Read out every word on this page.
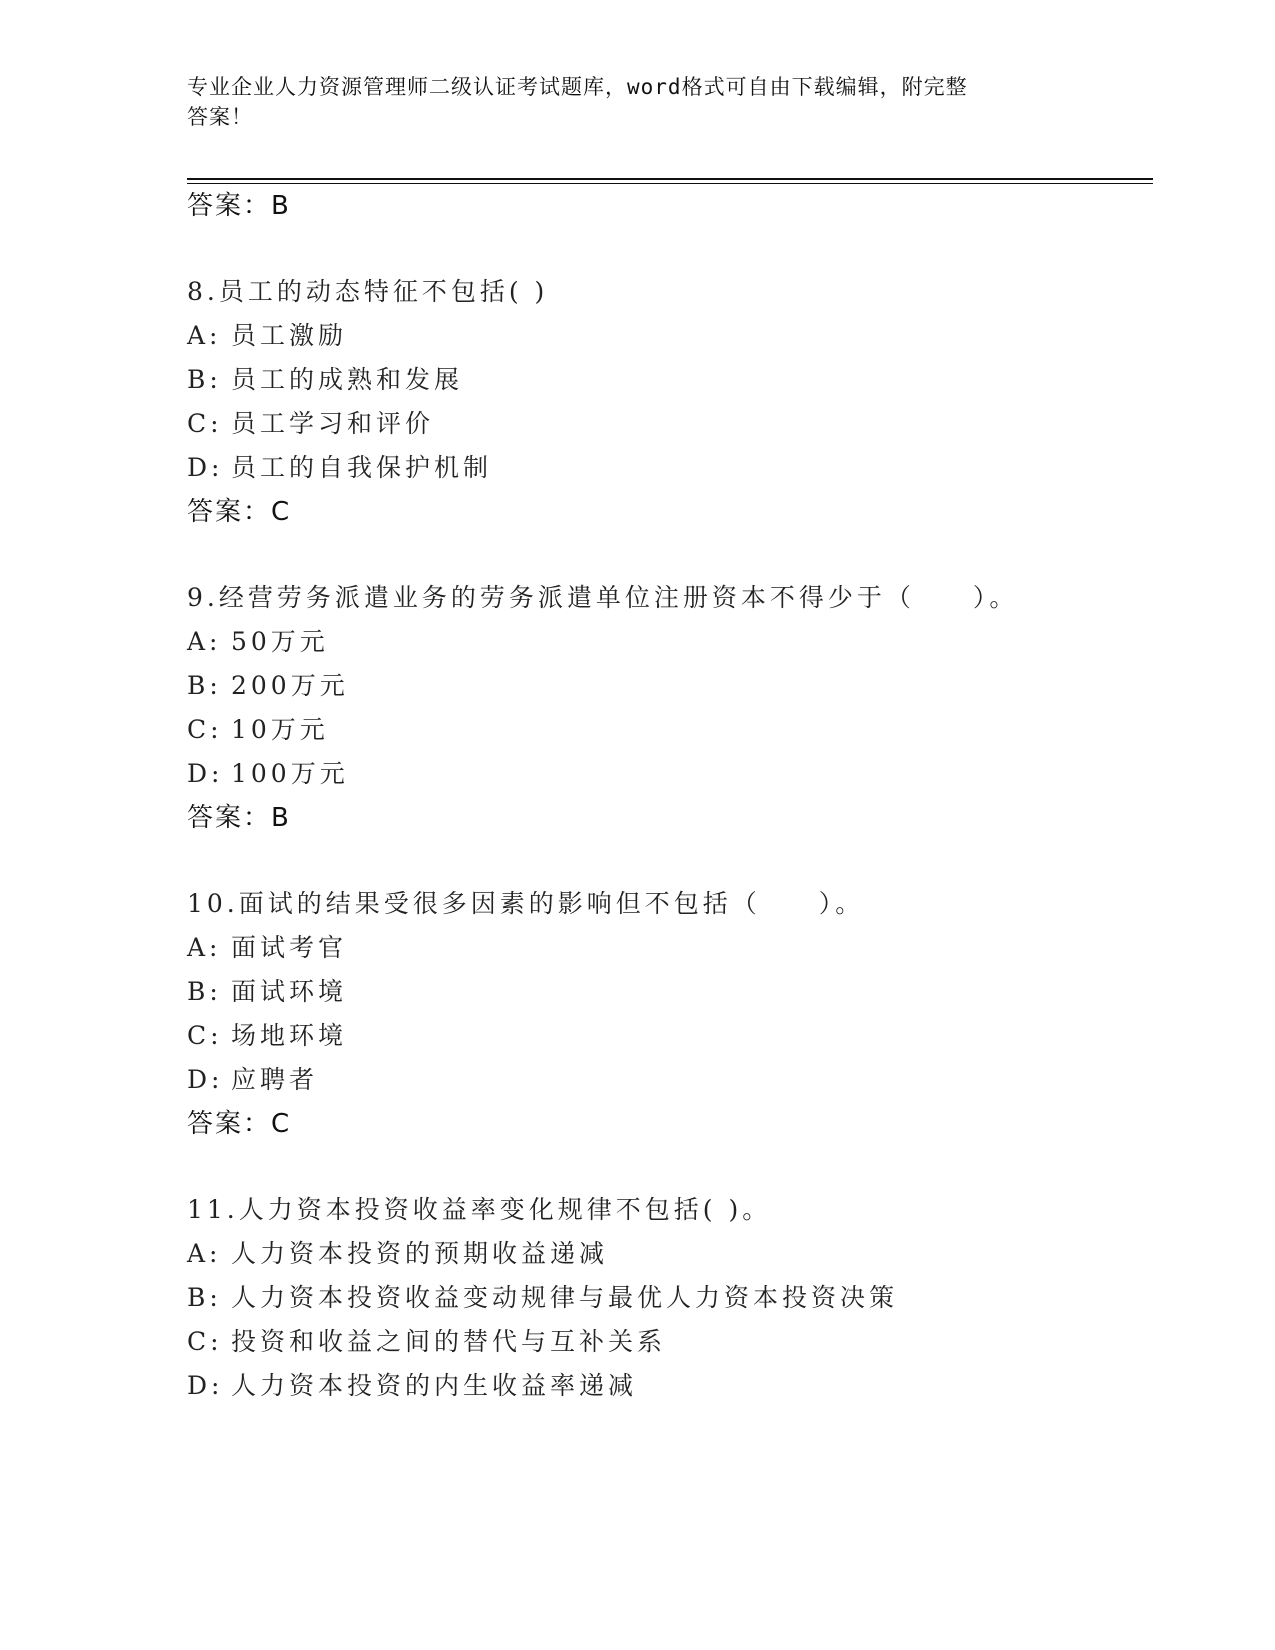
专业企业人力资源管理师二级认证考试题库，word格式可自由下载编辑，附完整
答案！
答案：B
8.员工的动态特征不包括( )
A: 员工激励
B: 员工的成熟和发展
C: 员工学习和评价
D: 员工的自我保护机制
答案：C
9.经营劳务派遣业务的劳务派遣单位注册资本不得少于（　　）。
A: 50万元
B: 200万元
C: 10万元
D: 100万元
答案：B
10.面试的结果受很多因素的影响但不包括（　　）。
A: 面试考官
B: 面试环境
C: 场地环境
D: 应聘者
答案：C
11.人力资本投资收益率变化规律不包括( )。
A: 人力资本投资的预期收益递减
B: 人力资本投资收益变动规律与最优人力资本投资决策
C: 投资和收益之间的替代与互补关系
D: 人力资本投资的内生收益率递减
